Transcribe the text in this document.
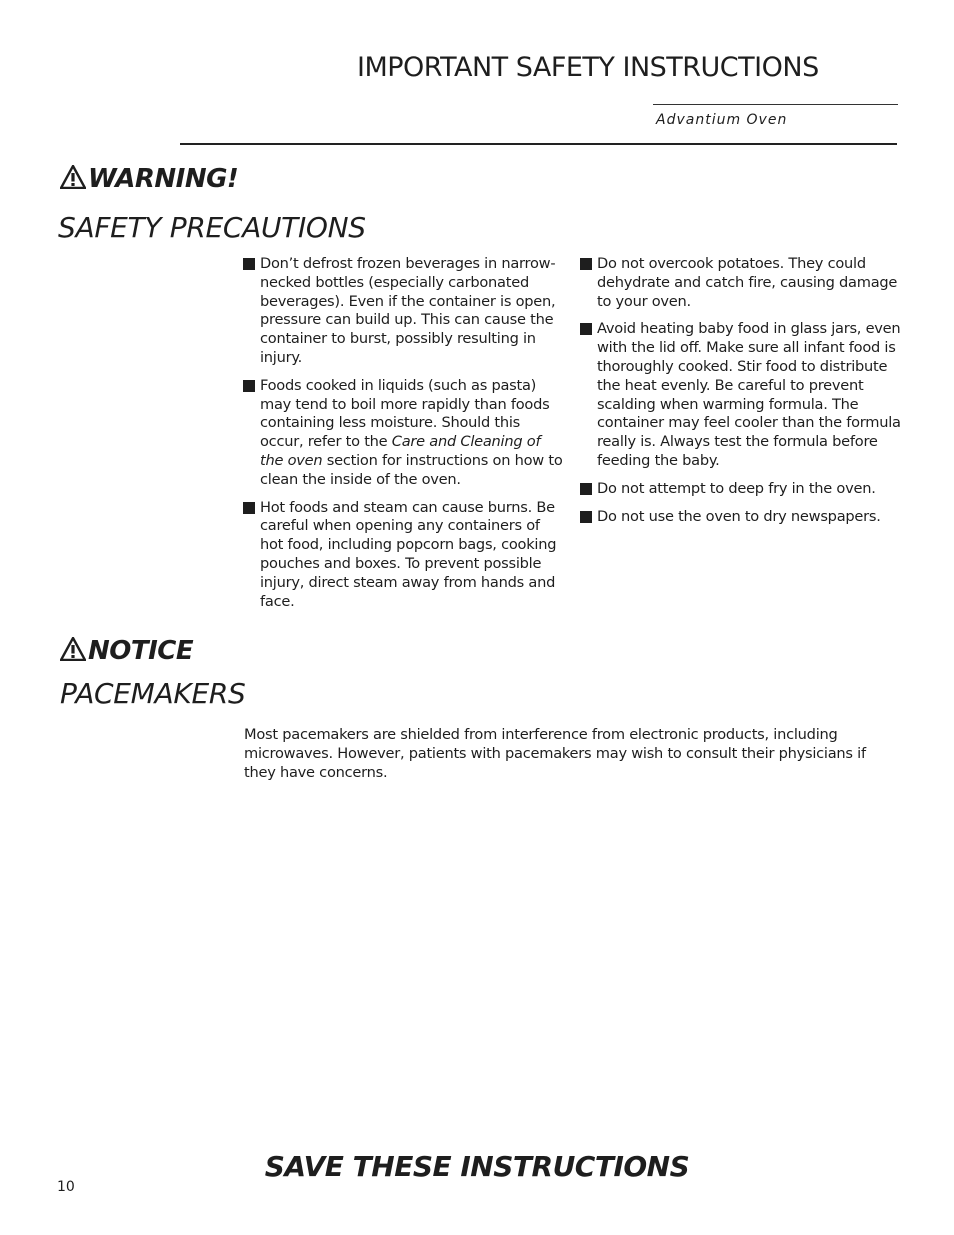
IMPORTANT SAFETY INSTRUCTIONS
Advantium Oven
WARNING!
SAFETY PRECAUTIONS
Don’t defrost frozen beverages in narrow-necked bottles (especially carbonated beverages). Even if the container is open, pressure can build up. This can cause the container to burst, possibly resulting in injury.
Foods cooked in liquids (such as pasta) may tend to boil more rapidly than foods containing less moisture. Should this occur, refer to the Care and Cleaning of the oven section for instructions on how to clean the inside of the oven.
Hot foods and steam can cause burns. Be careful when opening any containers of hot food, including popcorn bags, cooking pouches and boxes. To prevent possible injury, direct steam away from hands and face.
Do not overcook potatoes. They could dehydrate and catch fire, causing damage to your oven.
Avoid heating baby food in glass jars, even with the lid off. Make sure all infant food is thoroughly cooked. Stir food to distribute the heat evenly. Be careful to prevent scalding when warming formula. The container may feel cooler than the formula really is. Always test the formula before feeding the baby.
Do not attempt to deep fry in the oven.
Do not use the oven to dry newspapers.
NOTICE
PACEMAKERS
Most pacemakers are shielded from interference from electronic products, including microwaves. However, patients with pacemakers may wish to consult their physicians if they have concerns.
SAVE THESE INSTRUCTIONS
10
